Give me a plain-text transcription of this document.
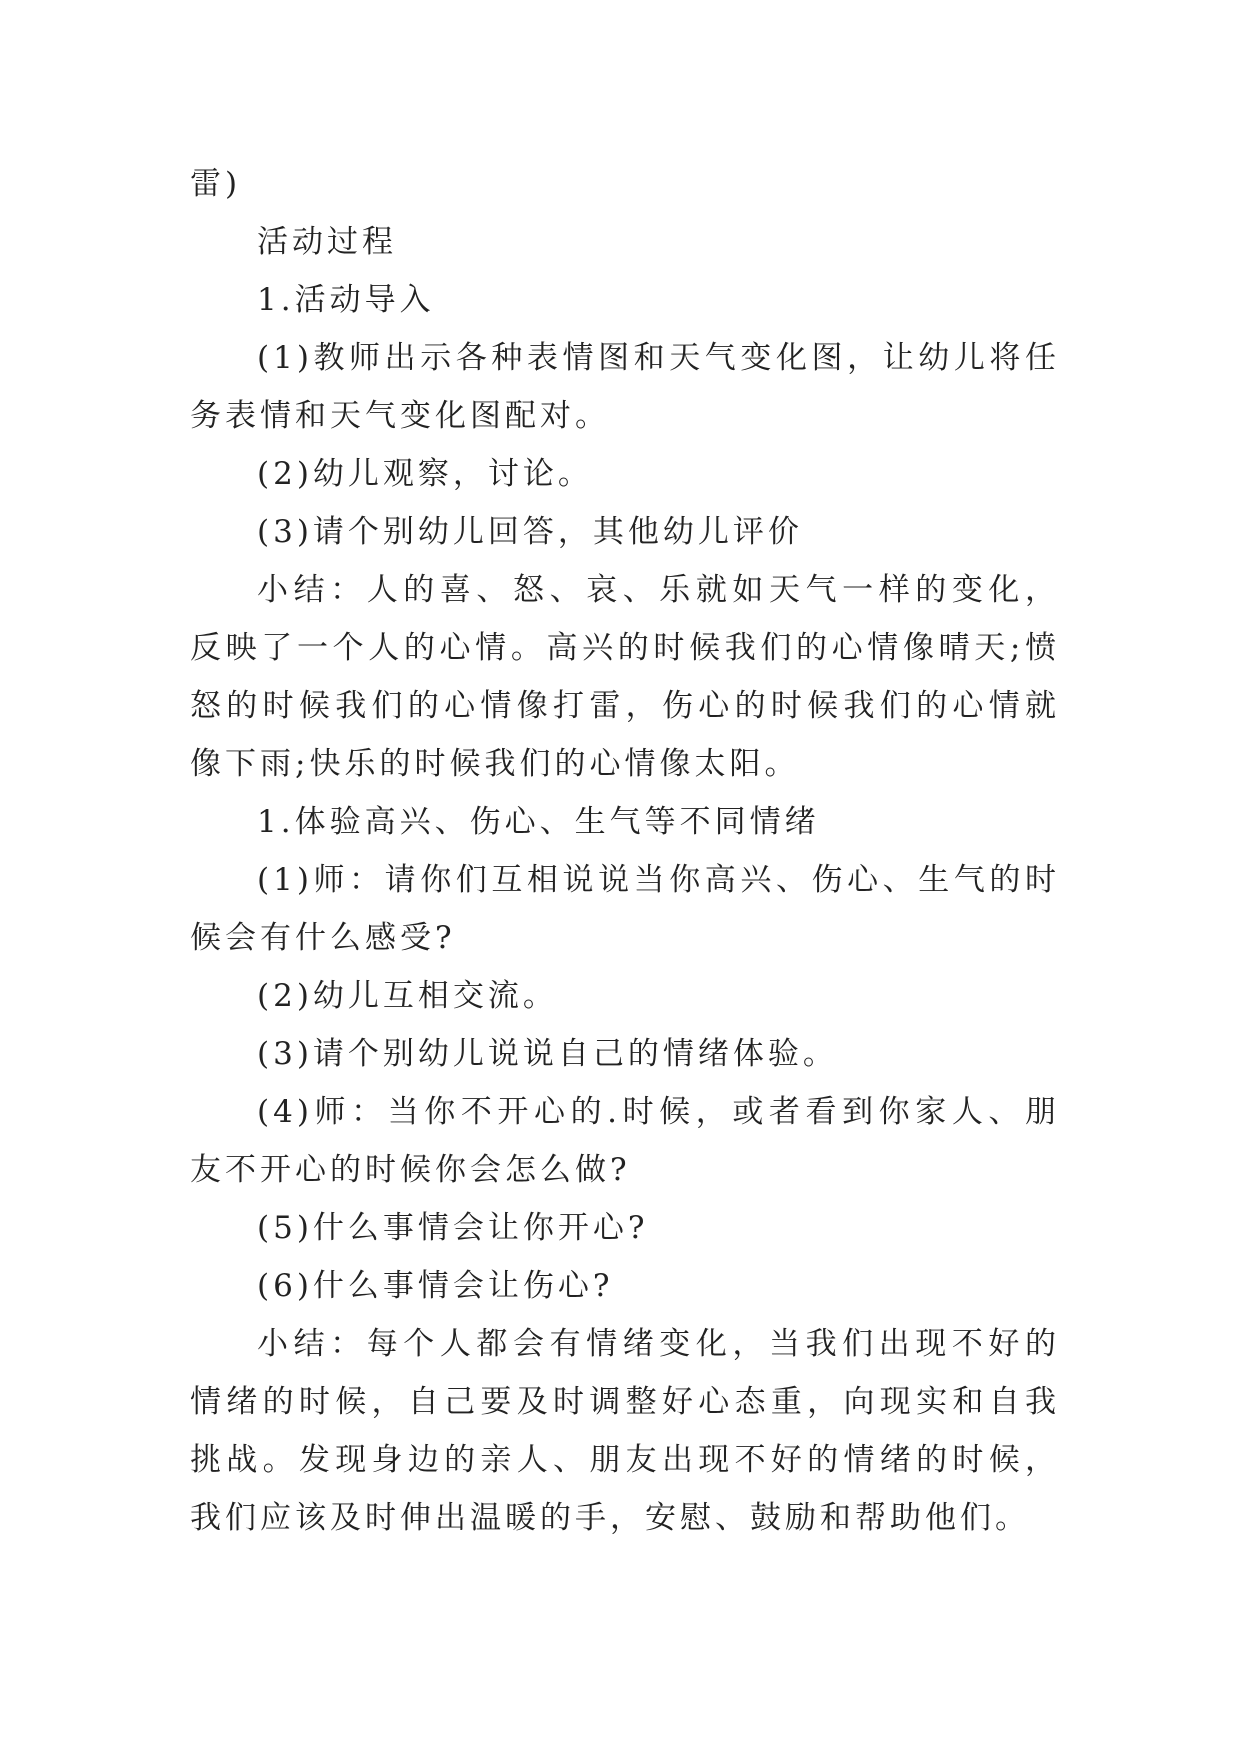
雷)

活动过程

1.活动导入

(1)教师出示各种表情图和天气变化图，让幼儿将任务表情和天气变化图配对。

(2)幼儿观察，讨论。

(3)请个别幼儿回答，其他幼儿评价

小结：人的喜、怒、哀、乐就如天气一样的变化，反映了一个人的心情。高兴的时候我们的心情像晴天;愤怒的时候我们的心情像打雷，伤心的时候我们的心情就像下雨;快乐的时候我们的心情像太阳。

1.体验高兴、伤心、生气等不同情绪

(1)师：请你们互相说说当你高兴、伤心、生气的时候会有什么感受?

(2)幼儿互相交流。

(3)请个别幼儿说说自己的情绪体验。

(4)师：当你不开心的.时候，或者看到你家人、朋友不开心的时候你会怎么做?

(5)什么事情会让你开心?

(6)什么事情会让伤心?

小结：每个人都会有情绪变化，当我们出现不好的情绪的时候，自己要及时调整好心态重，向现实和自我挑战。发现身边的亲人、朋友出现不好的情绪的时候，我们应该及时伸出温暖的手，安慰、鼓励和帮助他们。
